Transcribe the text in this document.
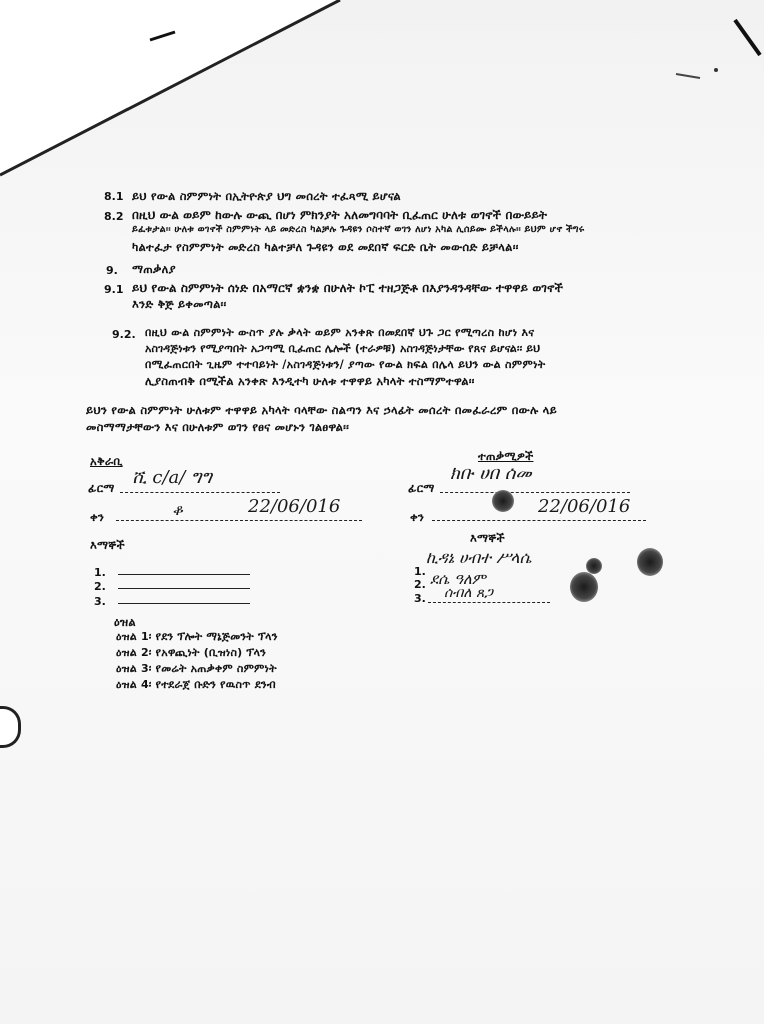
8.1 ይህ የውል ስምምነት በኢትዮጵያ ህግ መሰረት ተፈጻሚ ይሆናል
8.2 በዚህ ውል ወይም ከውሉ ውጪ በሆነ ምክንያት አለመግባባት ቢፈጠር ሁለቱ ወገኖች በውይይት
ይፈቱታል፡፡ ሁለቱ ወገኖች ስምምነት ላይ መድረስ ካልቻሉ ጉዳዩን ሶስተኛ ወገን ለሆነ አካል ሊሰይሙ ይችላሉ፡፡ ይህም ሆኖ ችግሩ
ካልተፈታ የስምምነት መድረስ ካልተቻለ ጉዳዩን ወደ መደበኛ ፍርድ ቤት መውሰድ ይቻላል፡፡
9. ማጠቃለያ
9.1 ይህ የውል ስምምነት ሰነድ በአማርኛ ቋንቋ በሁለት ኮፒ ተዘጋጅቶ በእያንዳንዳቸው ተዋዋይ ወገኖች
እንድ ቅጅ ይቀመጣል፡፡
9.2. በዚህ ውል ስምምነት ውስጥ ያሉ ቃላት ወይም አንቀጽ በመደበኛ ህጉ ጋር የሚጣረስ ከሆነ እና
አስገዳጅነቱን የሚያጣበት አጋጣሚ ቢፈጠር ሌሎች (ተራዎቹ) አስገዳጅነታቸው የጸና ይሆናል፡፡ ይህ
በሚፈጠርበት ጊዜም ተተባይነት /አስገዳጅነቱን/ ያጣው የውል ክፍል በሌላ ይህን ውል ስምምነት
ሊያስጠብቅ በሚችል አንቀጽ እንዲተካ ሁለቱ ተዋዋይ አካላት ተስማምተዋል፡፡
ይህን የውል ስምምነት ሁለቱም ተዋዋይ አካላት ባላቸው ስልጣን እና ኃላፊት መሰረት በመፈራረም በውሉ ላይ
መስማማታቸውን እና በሁለቱም ወገን የፀና መሆኑን ገልፀዋል፡፡
አቅራቢ
ፊርማ ሺ c/a/ ግግ
ቀን	ቆ	22/06/016
ተጠቃሚዎች
ፊርማ
ክቡ ሀበ ሰመ
ቀን	22/06/016
እማኞች
1.
2.
3.
እማኞች
1.
ኪዳኔ ሀብተ ሥላሴ
2. ደሴ ዓለም
3. ሰብለ ጸጋ
ዕዝል
ዕዝል 1፡ የደን ፕሎት ማኔጅመንት ፕላን
ዕዝል 2፡ የአዋጪነት (ቢዝነስ) ፕላን
ዕዝል 3፡ የመሬት አጠቃቀም ስምምነት
ዕዝል 4፡ የተደራጀ ቡድን የዉስጥ ደንብ
